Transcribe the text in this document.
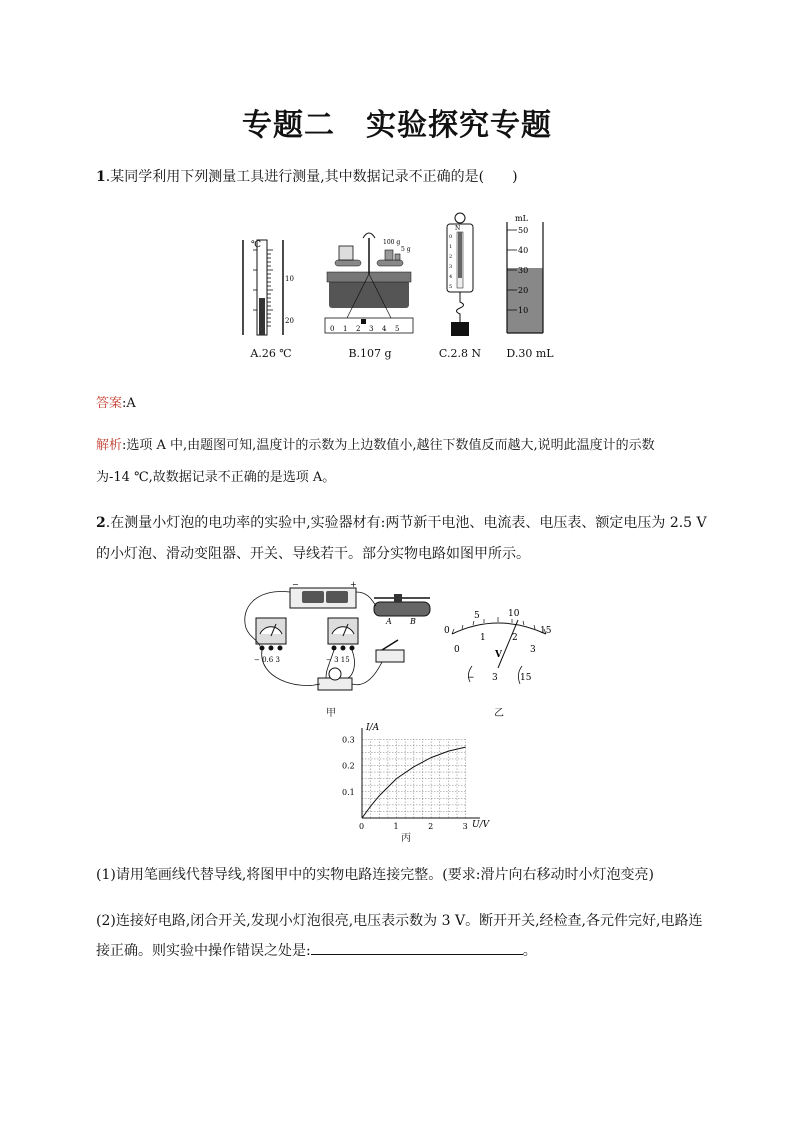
专题二　实验探究专题
1.某同学利用下列测量工具进行测量,其中数据记录不正确的是(　　)
℃
10
20
100 g
5 g
0 1 2 3 4 5
N
0
1
2
3
4
5
mL
50
40
30
20
10
A.26 ℃	B.107 g	C.2.8 N	D.30 mL
答案:A
解析:选项 A 中,由题图可知,温度计的示数为上边数值小,越往下数值反而越大,说明此温度计的示数
为-14 ℃,故数据记录不正确的是选项 A。
2.在测量小灯泡的电功率的实验中,实验器材有:两节新干电池、电流表、电压表、额定电压为 2.5 V
的小灯泡、滑动变阻器、开关、导线若干。部分实物电路如图甲所示。
−	+
A B
− 0.6 3	− 3 15
甲
0
5	10
15
0
1	2
3
V
− 3 15
乙
0	1	2	3
0.1
0.2
0.3
I/A
U/V
丙
(1)请用笔画线代替导线,将图甲中的实物电路连接完整。(要求:滑片向右移动时小灯泡变亮)
(2)连接好电路,闭合开关,发现小灯泡很亮,电压表示数为 3 V。断开开关,经检查,各元件完好,电路连
接正确。则实验中操作错误之处是:	。
